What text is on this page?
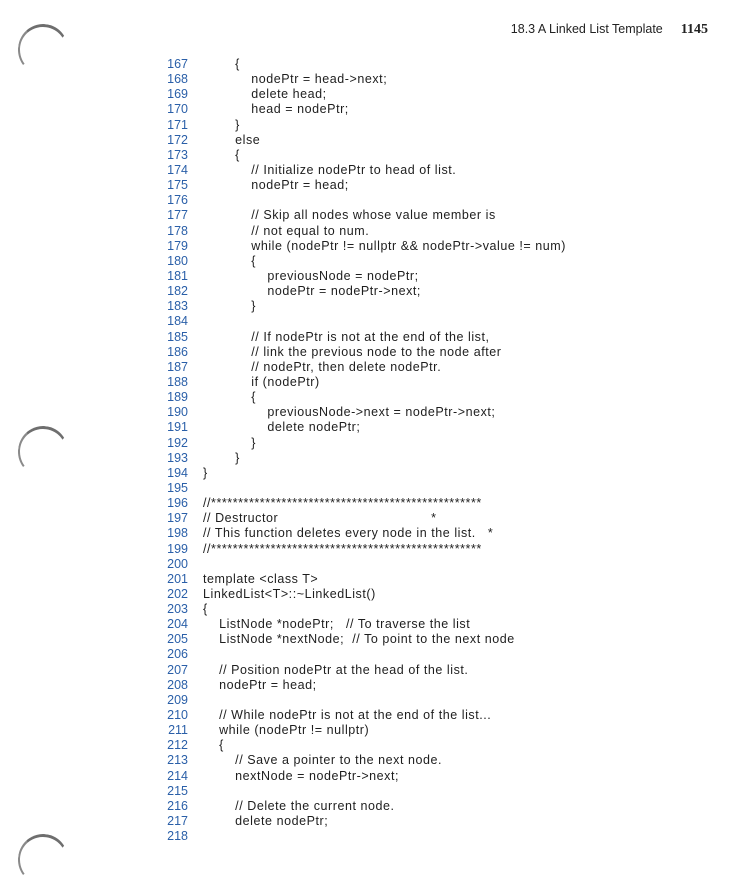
18.3 A Linked List Template 1145
167 {
168 nodePtr = head->next;
169 delete head;
170 head = nodePtr;
171 }
172 else
173 {
174 // Initialize nodePtr to head of list.
175 nodePtr = head;
176
177 // Skip all nodes whose value member is
178 // not equal to num.
179 while (nodePtr != nullptr && nodePtr->value != num)
180 {
181 previousNode = nodePtr;
182 nodePtr = nodePtr->next;
183 }
184
185 // If nodePtr is not at the end of the list,
186 // link the previous node to the node after
187 // nodePtr, then delete nodePtr.
188 if (nodePtr)
189 {
190 previousNode->next = nodePtr->next;
191 delete nodePtr;
192 }
193 }
194 }
195
196 //**************************************************
197 // Destructor                                      *
198 // This function deletes every node in the list.   *
199 //**************************************************
200
201 template <class T>
202 LinkedList<T>::~LinkedList()
203 {
204 ListNode *nodePtr;   // To traverse the list
205 ListNode *nextNode;  // To point to the next node
206
207 // Position nodePtr at the head of the list.
208 nodePtr = head;
209
210 // While nodePtr is not at the end of the list...
211 while (nodePtr != nullptr)
212 {
213 // Save a pointer to the next node.
214 nextNode = nodePtr->next;
215
216 // Delete the current node.
217 delete nodePtr;
218
